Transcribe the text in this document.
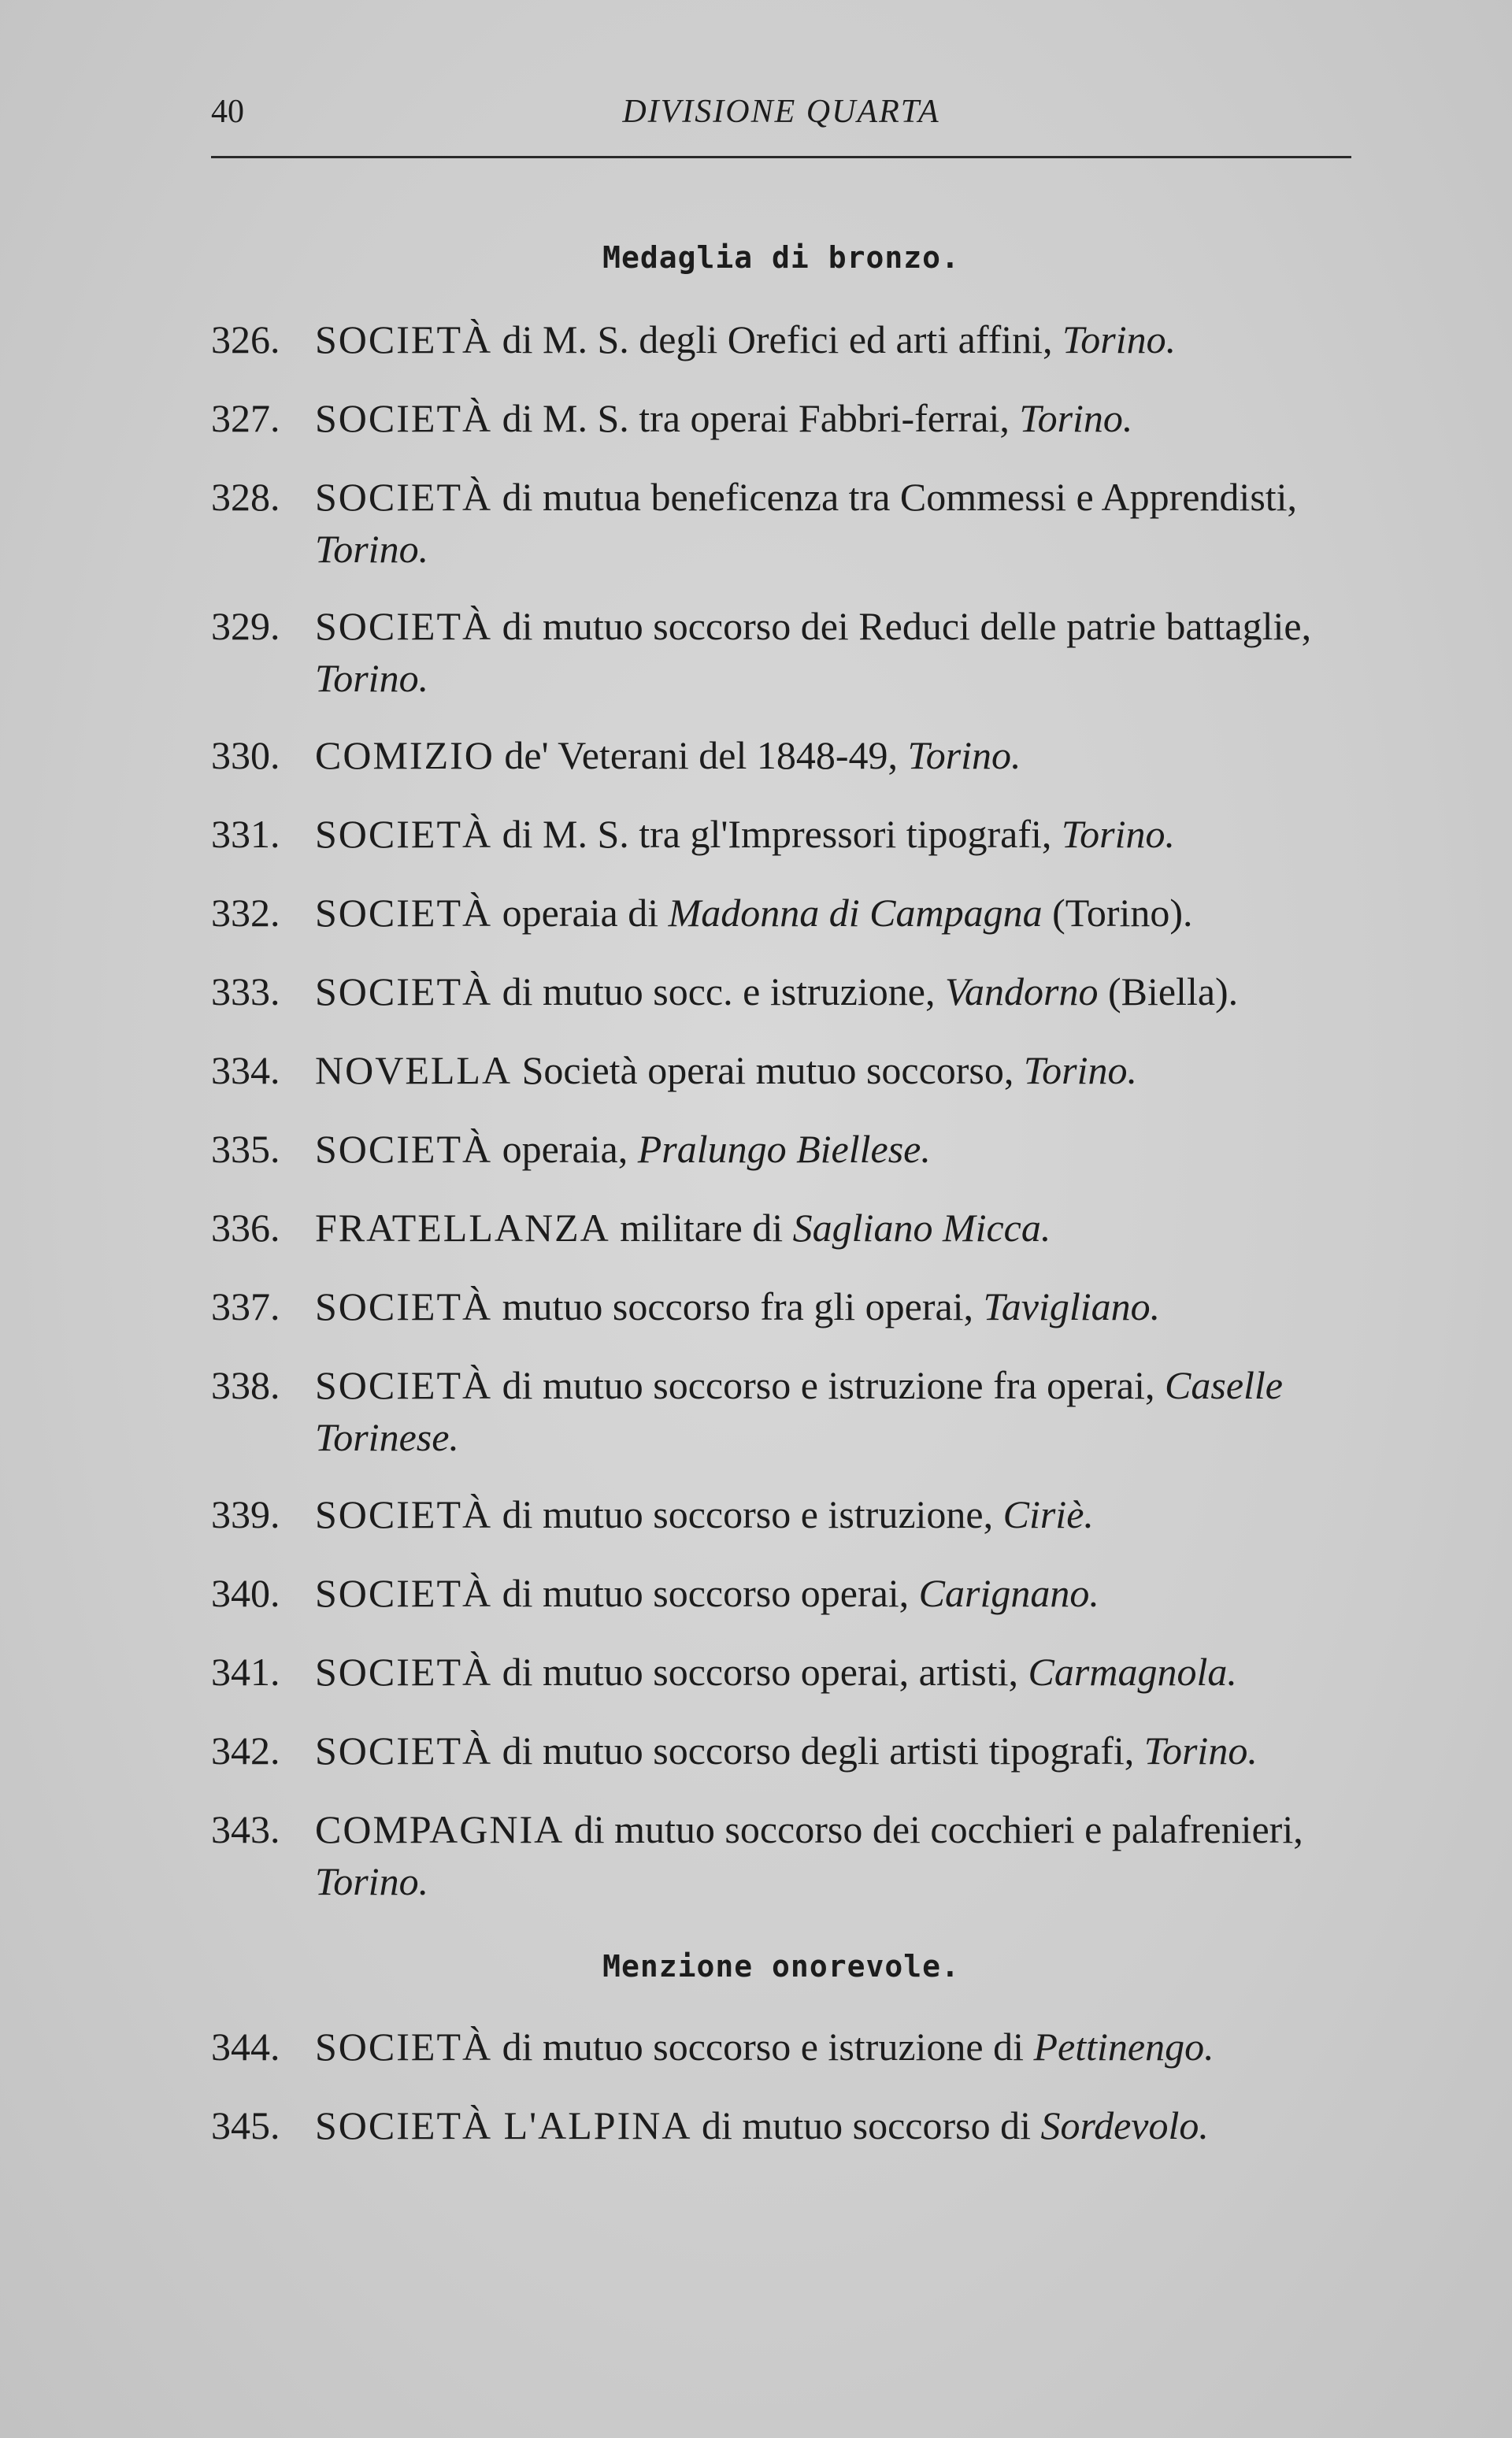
40	DIVISIONE QUARTA
Medaglia di bronzo.
326. SOCIETÀ di M. S. degli Orefici ed arti affini, Torino.
327. SOCIETÀ di M. S. tra operai Fabbri-ferrai, Torino.
328. SOCIETÀ di mutua beneficenza tra Commessi e Apprendisti, Torino.
329. SOCIETÀ di mutuo soccorso dei Reduci delle patrie battaglie, Torino.
330. COMIZIO de' Veterani del 1848-49, Torino.
331. SOCIETÀ di M. S. tra gl'Impressori tipografi, Torino.
332. SOCIETÀ operaia di Madonna di Campagna (Torino).
333. SOCIETÀ di mutuo socc. e istruzione, Vandorno (Biella).
334. NOVELLA Società operai mutuo soccorso, Torino.
335. SOCIETÀ operaia, Pralungo Biellese.
336. FRATELLANZA militare di Sagliano Micca.
337. SOCIETÀ mutuo soccorso fra gli operai, Tavigliano.
338. SOCIETÀ di mutuo soccorso e istruzione fra operai, Caselle Torinese.
339. SOCIETÀ di mutuo soccorso e istruzione, Ciriè.
340. SOCIETÀ di mutuo soccorso operai, Carignano.
341. SOCIETÀ di mutuo soccorso operai, artisti, Carmagnola.
342. SOCIETÀ di mutuo soccorso degli artisti tipografi, Torino.
343. COMPAGNIA di mutuo soccorso dei cocchieri e palafrenieri, Torino.
Menzione onorevole.
344. SOCIETÀ di mutuo soccorso e istruzione di Pettinengo.
345. SOCIETÀ L'ALPINA di mutuo soccorso di Sordevolo.
